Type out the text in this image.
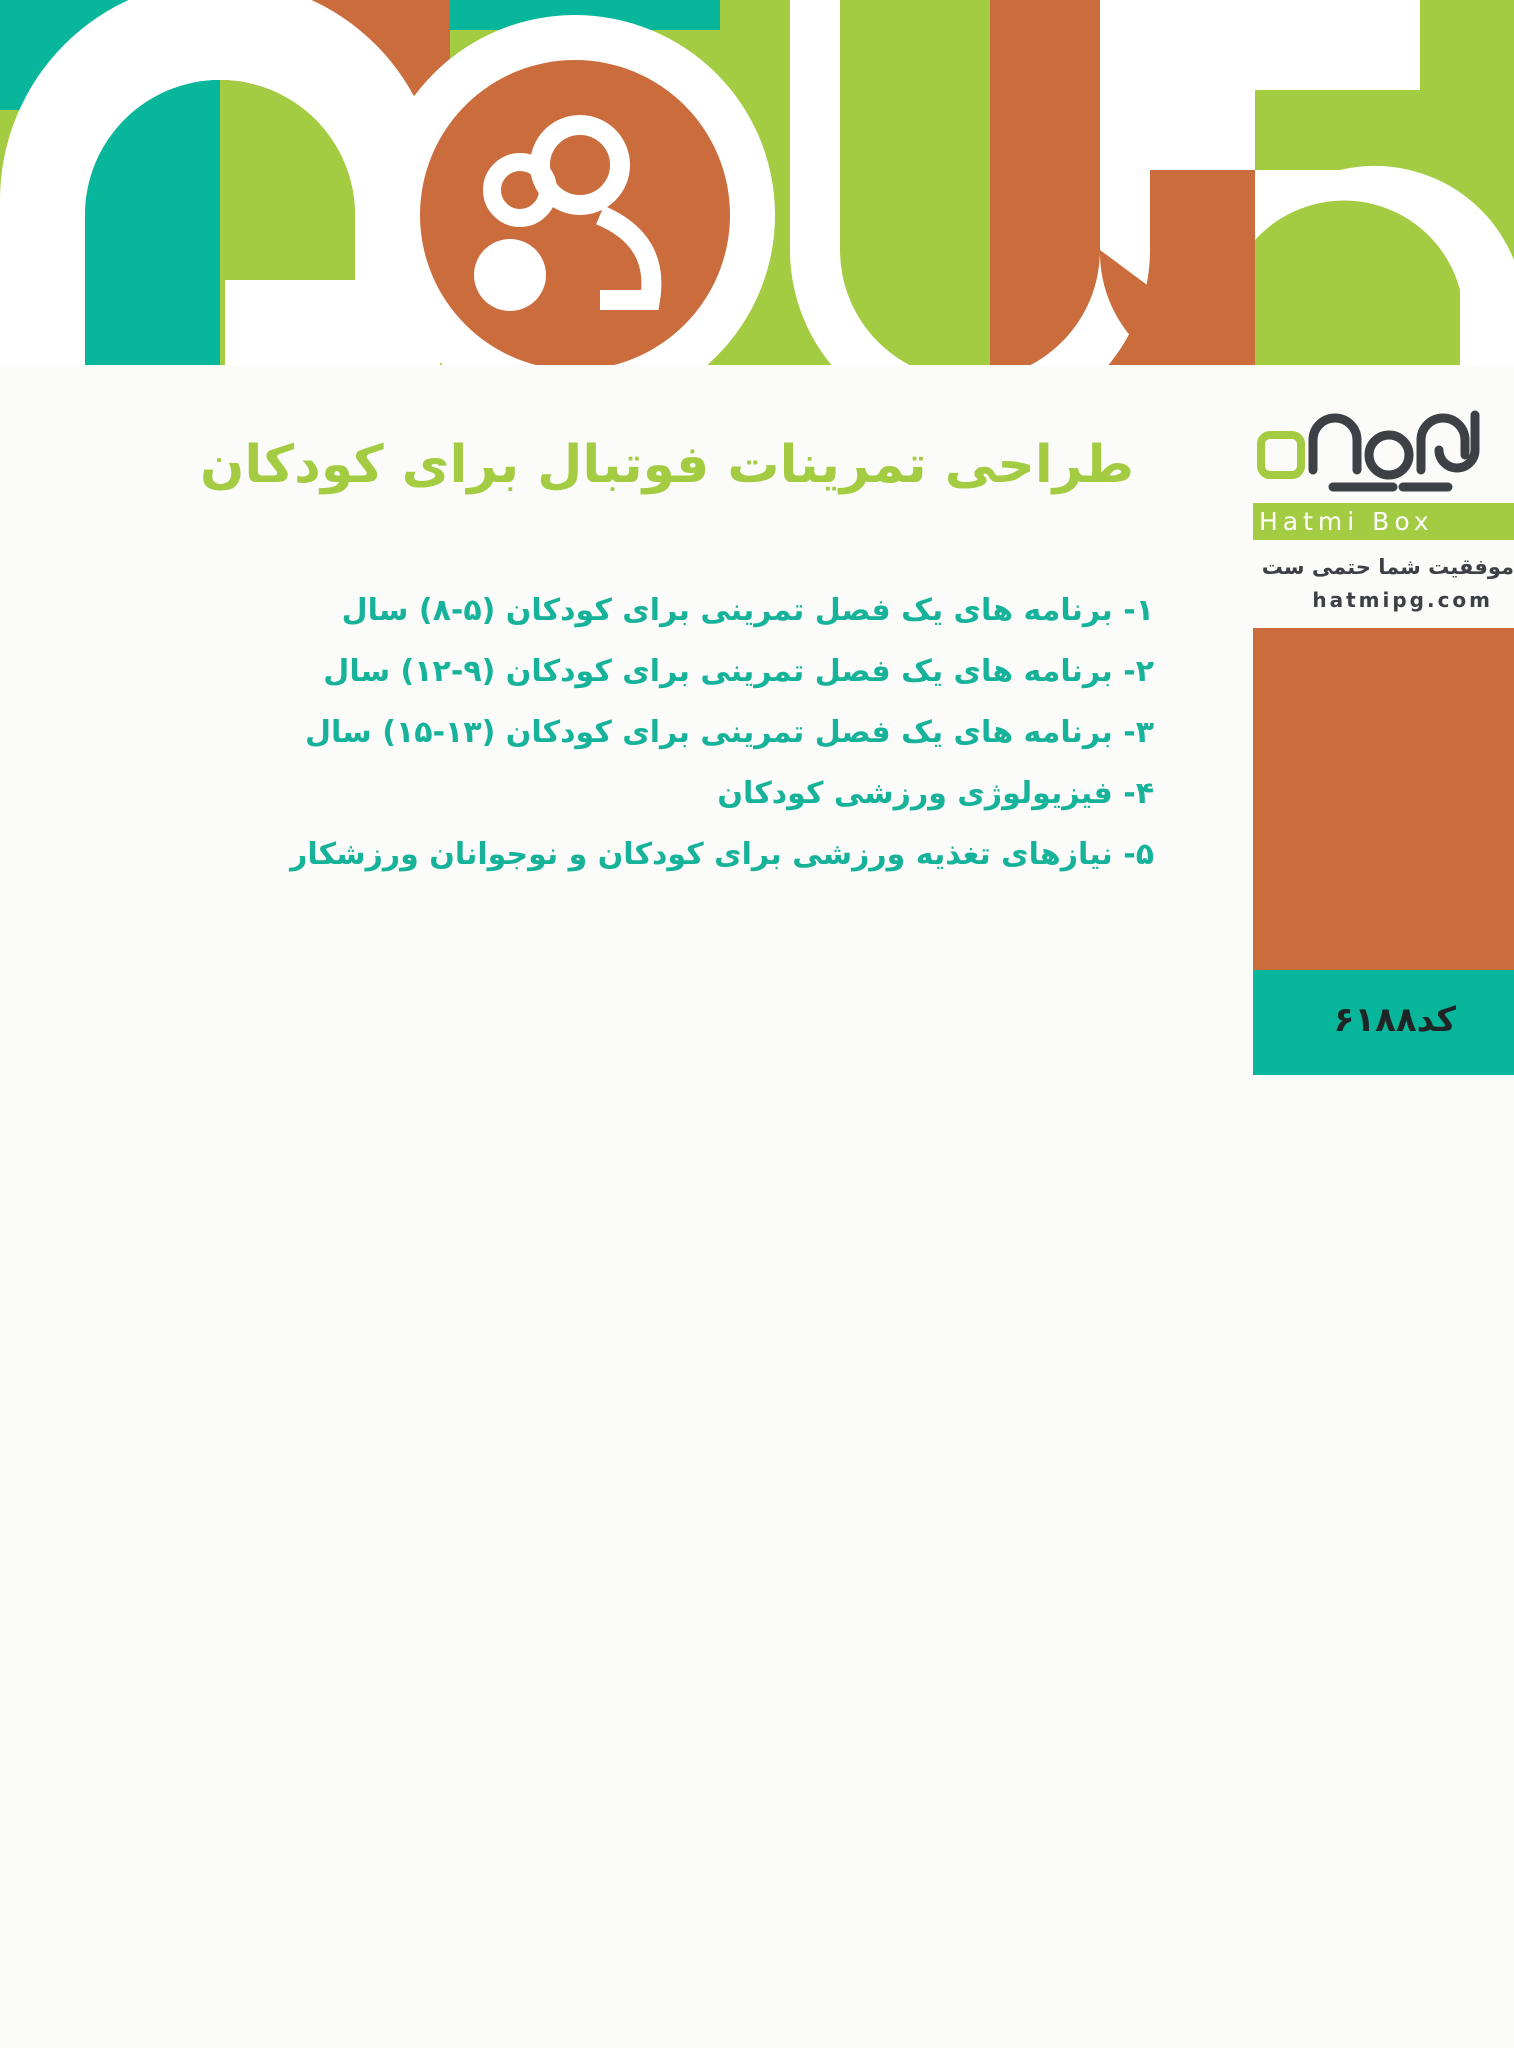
طراحی تمرینات فوتبال برای کودکان
۱- برنامه های یک فصل تمرینی برای کودکان (۵-۸) سال
۲- برنامه های یک فصل تمرینی برای کودکان (۹-۱۲) سال
۳- برنامه های یک فصل تمرینی برای کودکان (۱۳-۱۵) سال
۴- فیزیولوژی ورزشی کودکان
۵- نیازهای تغذیه ورزشی برای کودکان و نوجوانان ورزشکار
Hatmi Box
موفقیت شما حتمی ست
hatmipg.com
کد۶۱۸۸
